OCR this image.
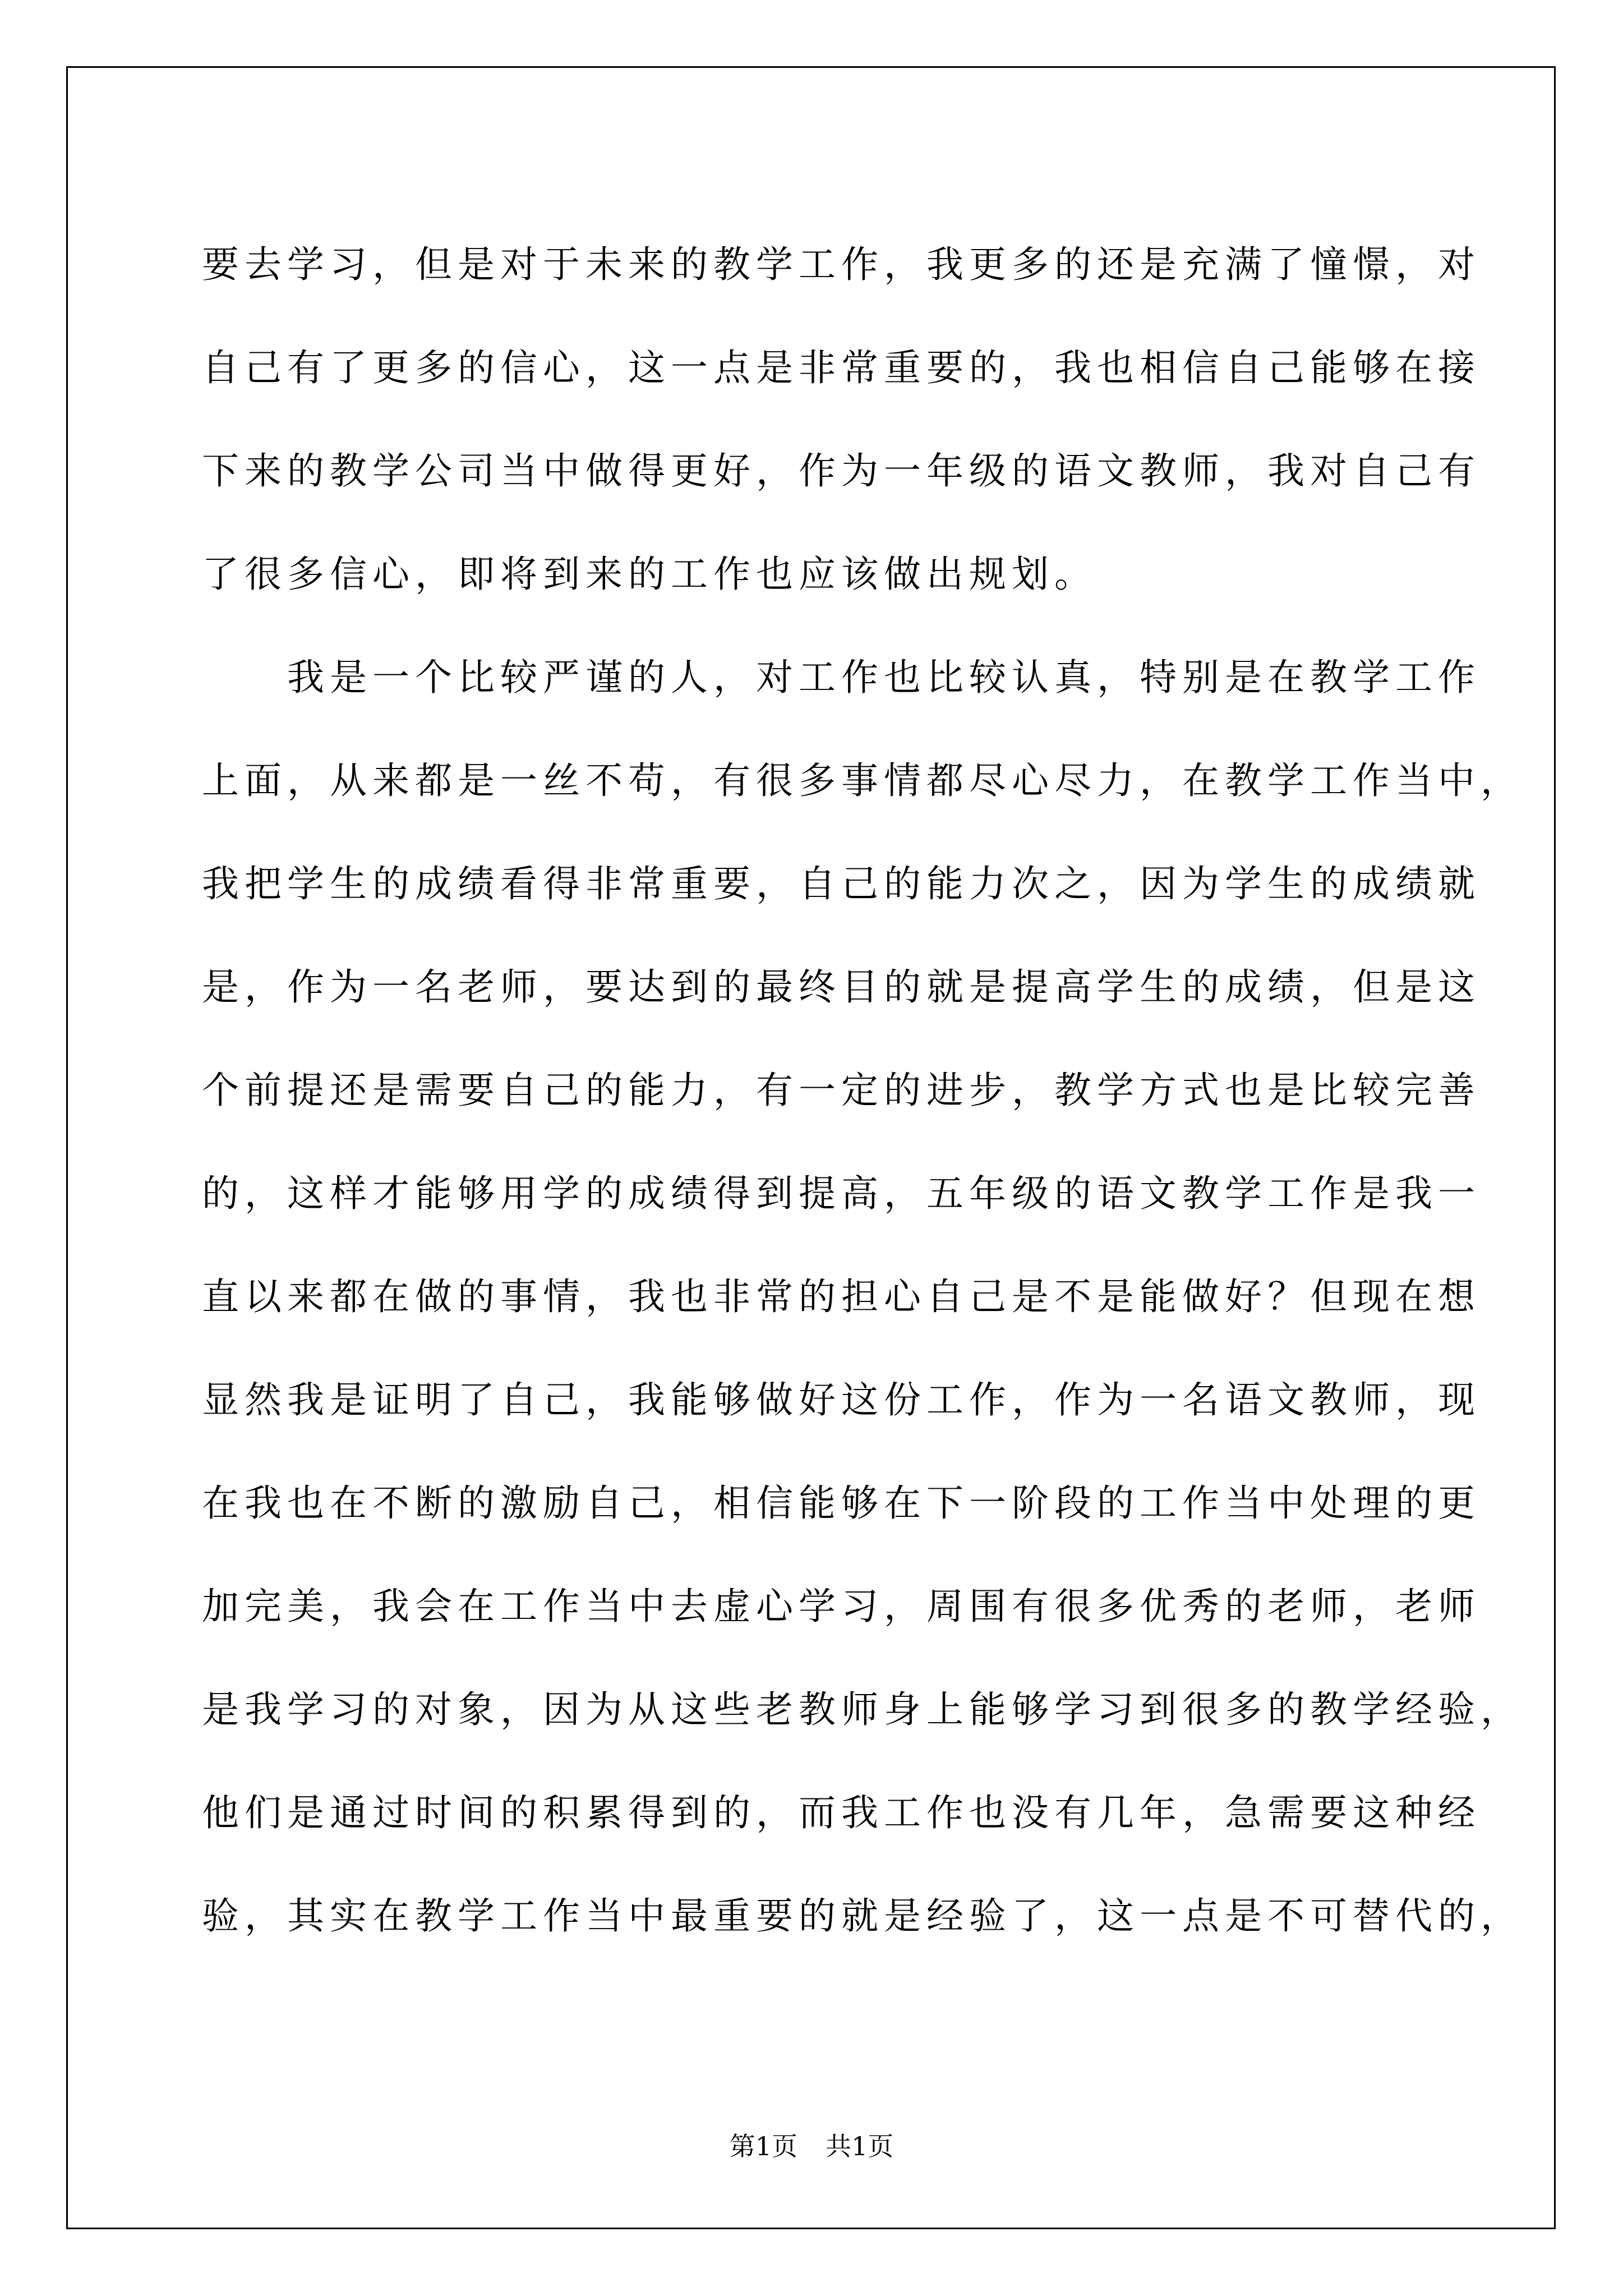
要去学习，但是对于未来的教学工作，我更多的还是充满了憧憬，对
自己有了更多的信心，这一点是非常重要的，我也相信自己能够在接
下来的教学公司当中做得更好，作为一年级的语文教师，我对自己有
了很多信心，即将到来的工作也应该做出规划。
　　我是一个比较严谨的人，对工作也比较认真，特别是在教学工作
上面，从来都是一丝不苟，有很多事情都尽心尽力，在教学工作当中，
我把学生的成绩看得非常重要，自己的能力次之，因为学生的成绩就
是，作为一名老师，要达到的最终目的就是提高学生的成绩，但是这
个前提还是需要自己的能力，有一定的进步，教学方式也是比较完善
的，这样才能够用学的成绩得到提高，五年级的语文教学工作是我一
直以来都在做的事情，我也非常的担心自己是不是能做好？但现在想
显然我是证明了自己，我能够做好这份工作，作为一名语文教师，现
在我也在不断的激励自己，相信能够在下一阶段的工作当中处理的更
加完美，我会在工作当中去虚心学习，周围有很多优秀的老师，老师
是我学习的对象，因为从这些老教师身上能够学习到很多的教学经验，
他们是通过时间的积累得到的，而我工作也没有几年，急需要这种经
验，其实在教学工作当中最重要的就是经验了，这一点是不可替代的，
第1页 共1页
